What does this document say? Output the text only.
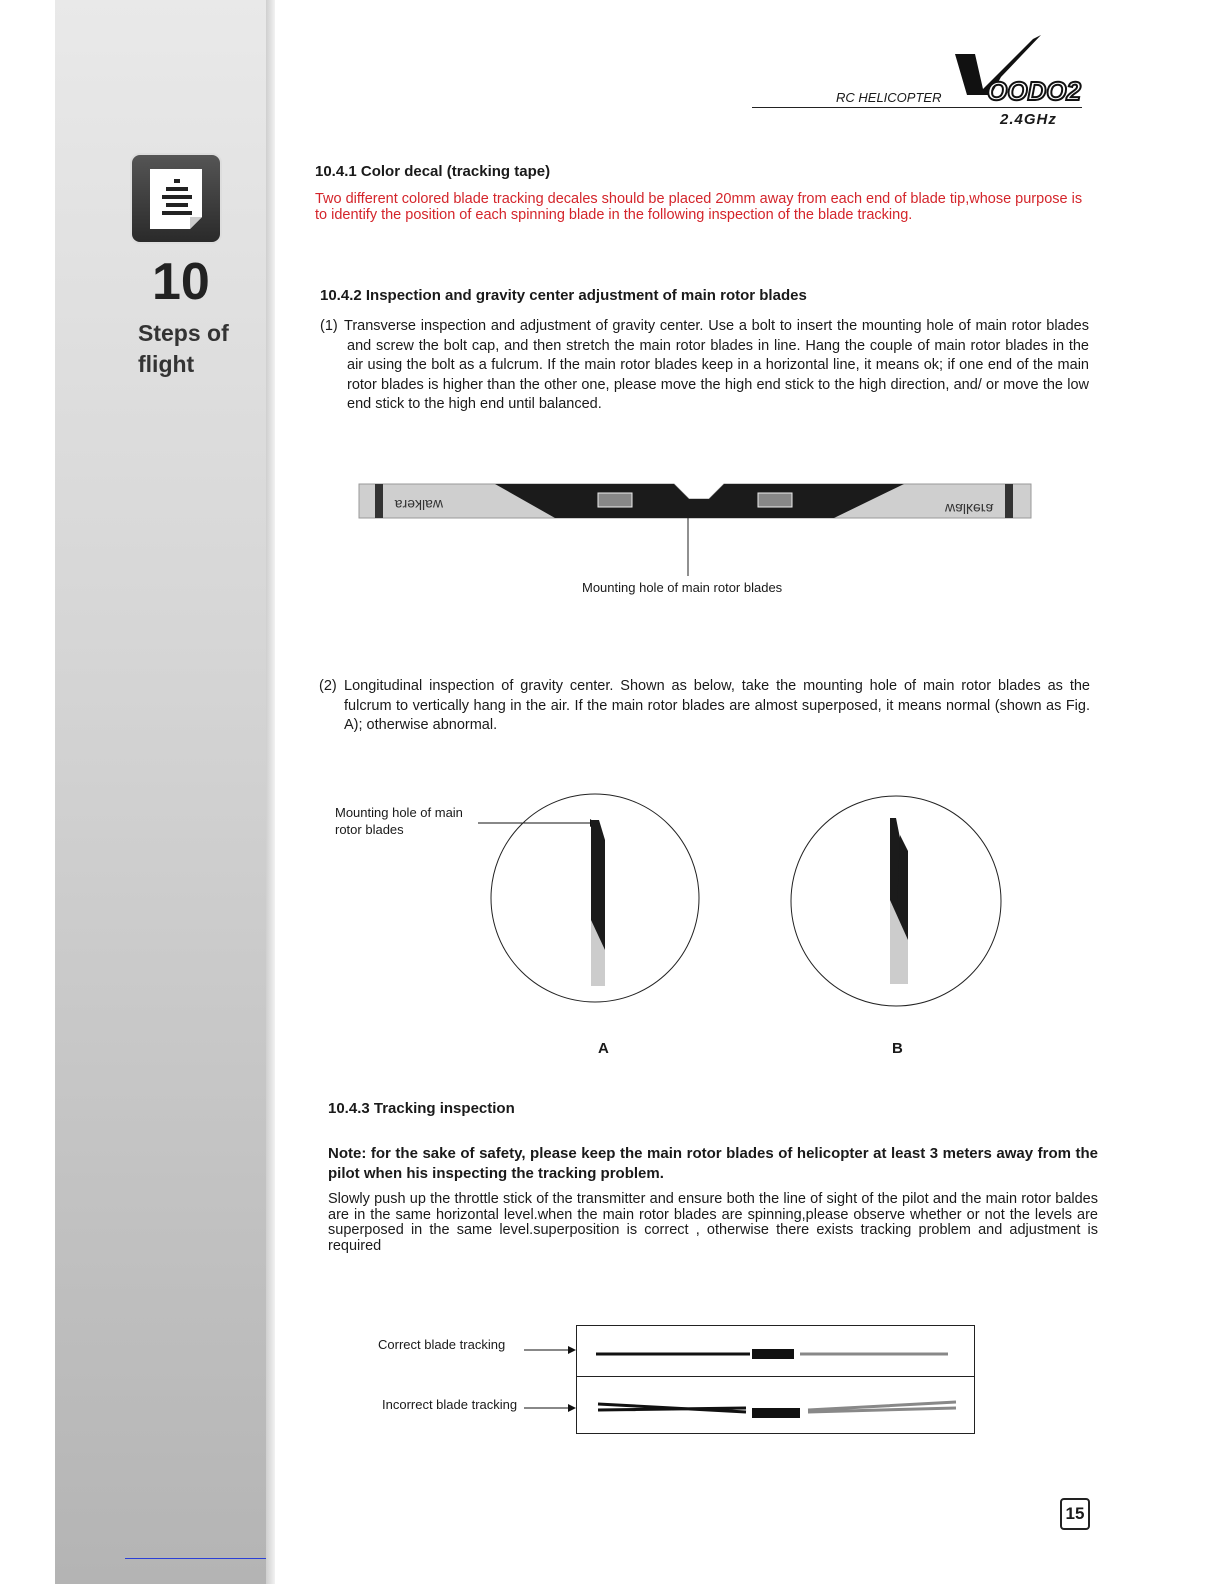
10
Steps of
flight
RC HELICOPTER OODO2
2.4GHz
10.4.1 Color decal (tracking tape)

Two different colored blade tracking decales should be placed 20mm away from each end of blade tip,whose purpose is to identify the position of each spinning blade in the following inspection of the blade tracking.

10.4.2 Inspection and gravity center adjustment of main rotor blades
(1) Transverse inspection and adjustment of gravity center. Use a bolt to insert the mounting hole of main rotor blades and screw the bolt cap, and then stretch the main rotor blades in line. Hang the couple of main rotor blades in the air using the bolt as a fulcrum. If the main rotor blades keep in a horizontal line, it means ok; if one end of the main rotor blades is higher than the other one, please move the high end stick to the high direction, and/ or move the low end stick to the high end until balanced.

walkera	walkera
Mounting hole of main rotor blades
(2) Longitudinal inspection of gravity center. Shown as below, take the mounting hole of main rotor blades as the fulcrum to vertically hang in the air. If the main rotor blades are almost superposed, it means normal (shown as Fig. A); otherwise abnormal.

Mounting hole of main
rotor blades
A	B
10.4.3 Tracking inspection

Note: for the sake of safety, please keep the main rotor blades of helicopter at least 3 meters away from the pilot when his inspecting the tracking problem.

Slowly push up the throttle stick of the transmitter and ensure both the line of sight of the pilot and the main rotor baldes are in the same horizontal level.when the main rotor blades are spinning,please observe whether or not the levels are superposed in the same level.superposition is correct , otherwise there exists tracking problem and adjustment is required

Correct blade tracking
Incorrect blade tracking
15
